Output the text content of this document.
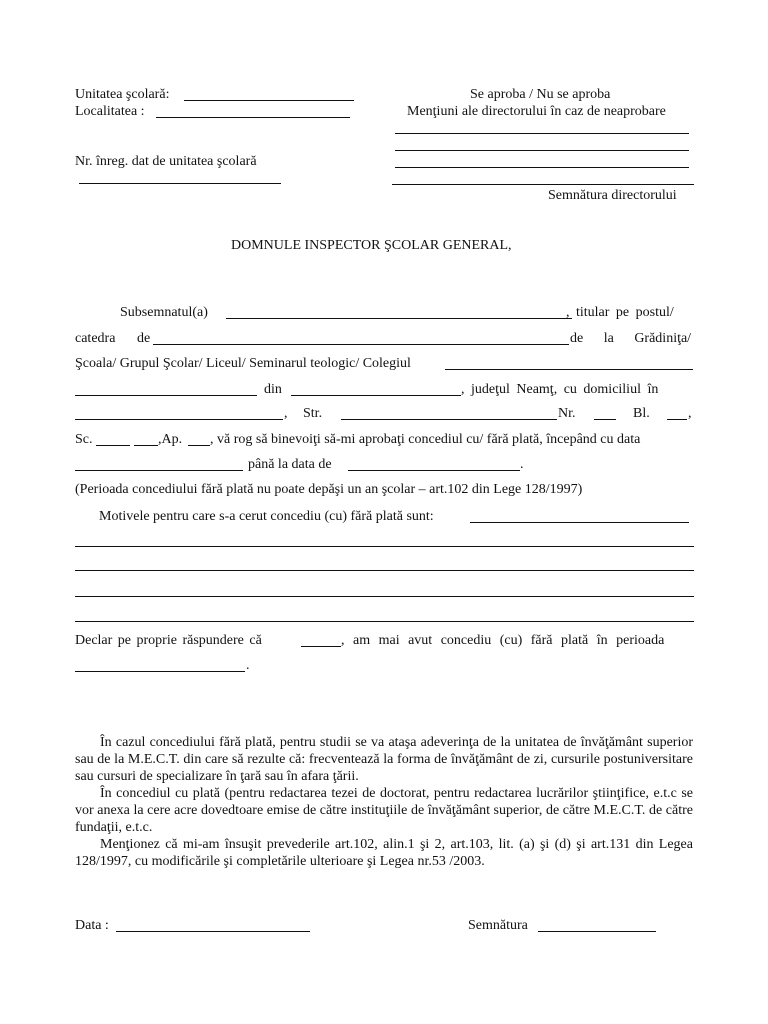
Unitatea şcolară:
Localitatea :
Nr. înreg. dat de unitatea şcolară
Se aproba / Nu se aproba
Menţiuni ale directorului în caz de neaprobare
Semnătura directorului
DOMNULE INSPECTOR ŞCOLAR GENERAL,
Subsemnatul(a)	, titular pe postul/
catedra de	de la Grădiniţa/
Şcoala/ Grupul Şcolar/ Liceul/ Seminarul teologic/ Colegiul
din	, judeţul Neamţ, cu domiciliul în
, Str.	Nr.	Bl.	,
Sc.	,Ap. , vă rog să binevoiţi să-mi aprobaţi concediul cu/ fără plată, începând cu data
până la data de	.
(Perioada concediului fără plată nu poate depăşi un an şcolar – art.102 din Lege 128/1997)
Motivele pentru care s-a cerut concediu (cu) fără plată sunt:
Declar pe proprie răspundere că	, am mai avut concediu (cu) fără plată în perioada
.
În cazul concediului fără plată, pentru studii se va ataşa adeverinţa de la unitatea de învăţământ superior sau de la M.E.C.T. din care să rezulte că: frecventează la forma de învăţământ de zi, cursurile postuniversitare sau cursuri de specializare în ţară sau în afara ţării.
În concediul cu plată (pentru redactarea tezei de doctorat, pentru redactarea lucrărilor ştiinţifice, e.t.c se vor anexa la cere acre dovedtoare emise de către instituţiile de învăţământ superior, de către M.E.C.T. de către fundaţii, e.t.c.
Menţionez că mi-am însuşit prevederile art.102, alin.1 şi 2, art.103, lit. (a) şi (d) şi art.131 din Legea 128/1997, cu modificările şi completările ulterioare şi Legea nr.53 /2003.
Data :	Semnătura
